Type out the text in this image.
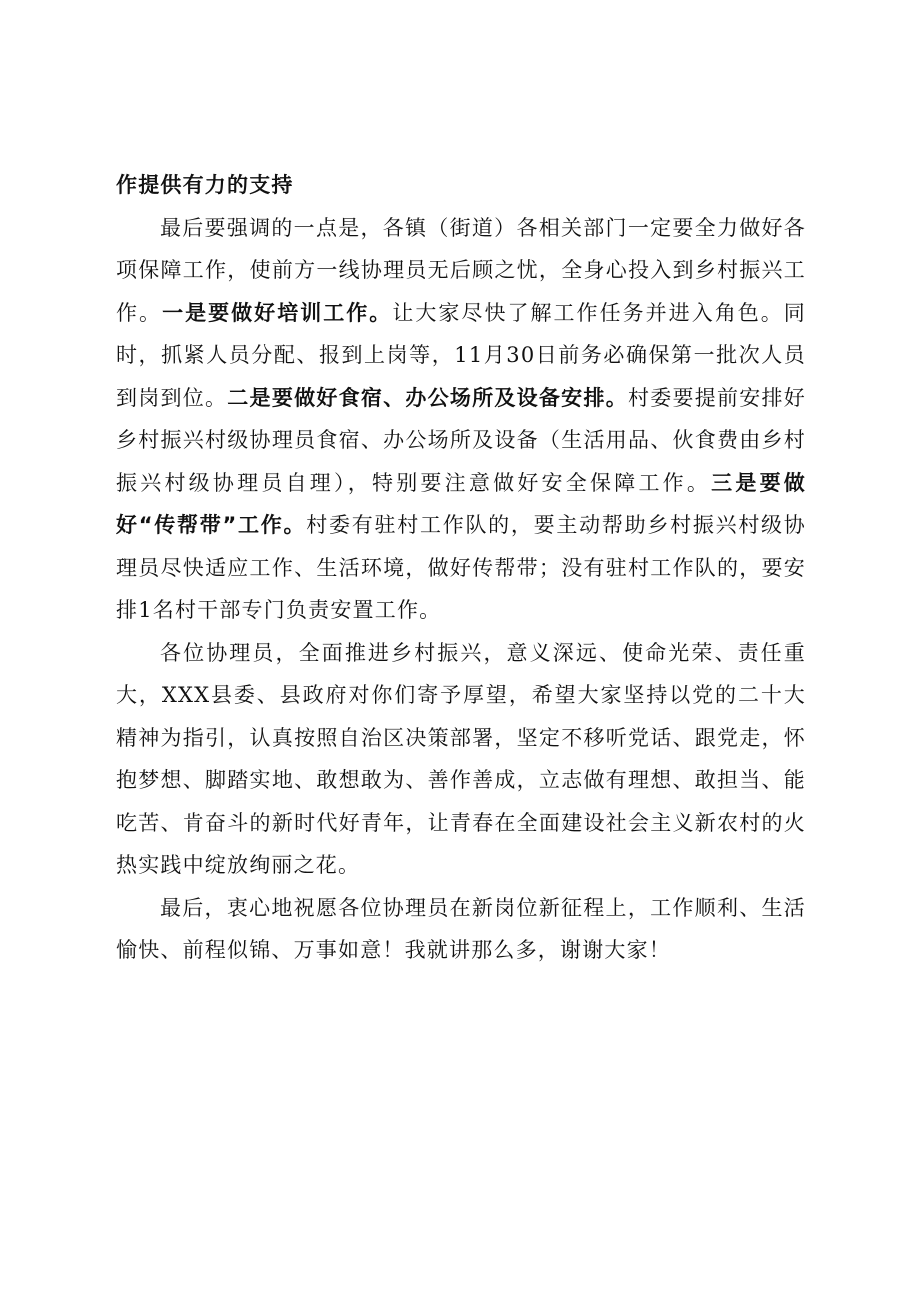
作提供有力的支持

最后要强调的一点是，各镇（街道）各相关部门一定要全力做好各项保障工作，使前方一线协理员无后顾之忧，全身心投入到乡村振兴工作。一是要做好培训工作。让大家尽快了解工作任务并进入角色。同时，抓紧人员分配、报到上岗等，11月30日前务必确保第一批次人员到岗到位。二是要做好食宿、办公场所及设备安排。村委要提前安排好乡村振兴村级协理员食宿、办公场所及设备（生活用品、伙食费由乡村振兴村级协理员自理），特别要注意做好安全保障工作。三是要做好“传帮带”工作。村委有驻村工作队的，要主动帮助乡村振兴村级协理员尽快适应工作、生活环境，做好传帮带；没有驻村工作队的，要安排1名村干部专门负责安置工作。

各位协理员，全面推进乡村振兴，意义深远、使命光荣、责任重大，XXX县委、县政府对你们寄予厚望，希望大家坚持以党的二十大精神为指引，认真按照自治区决策部署，坚定不移听党话、跟党走，怀抱梦想、脚踏实地、敢想敢为、善作善成，立志做有理想、敢担当、能吃苦、肯奋斗的新时代好青年，让青春在全面建设社会主义新农村的火热实践中绽放绚丽之花。

最后，衷心地祝愿各位协理员在新岗位新征程上，工作顺利、生活愉快、前程似锦、万事如意！我就讲那么多，谢谢大家！
